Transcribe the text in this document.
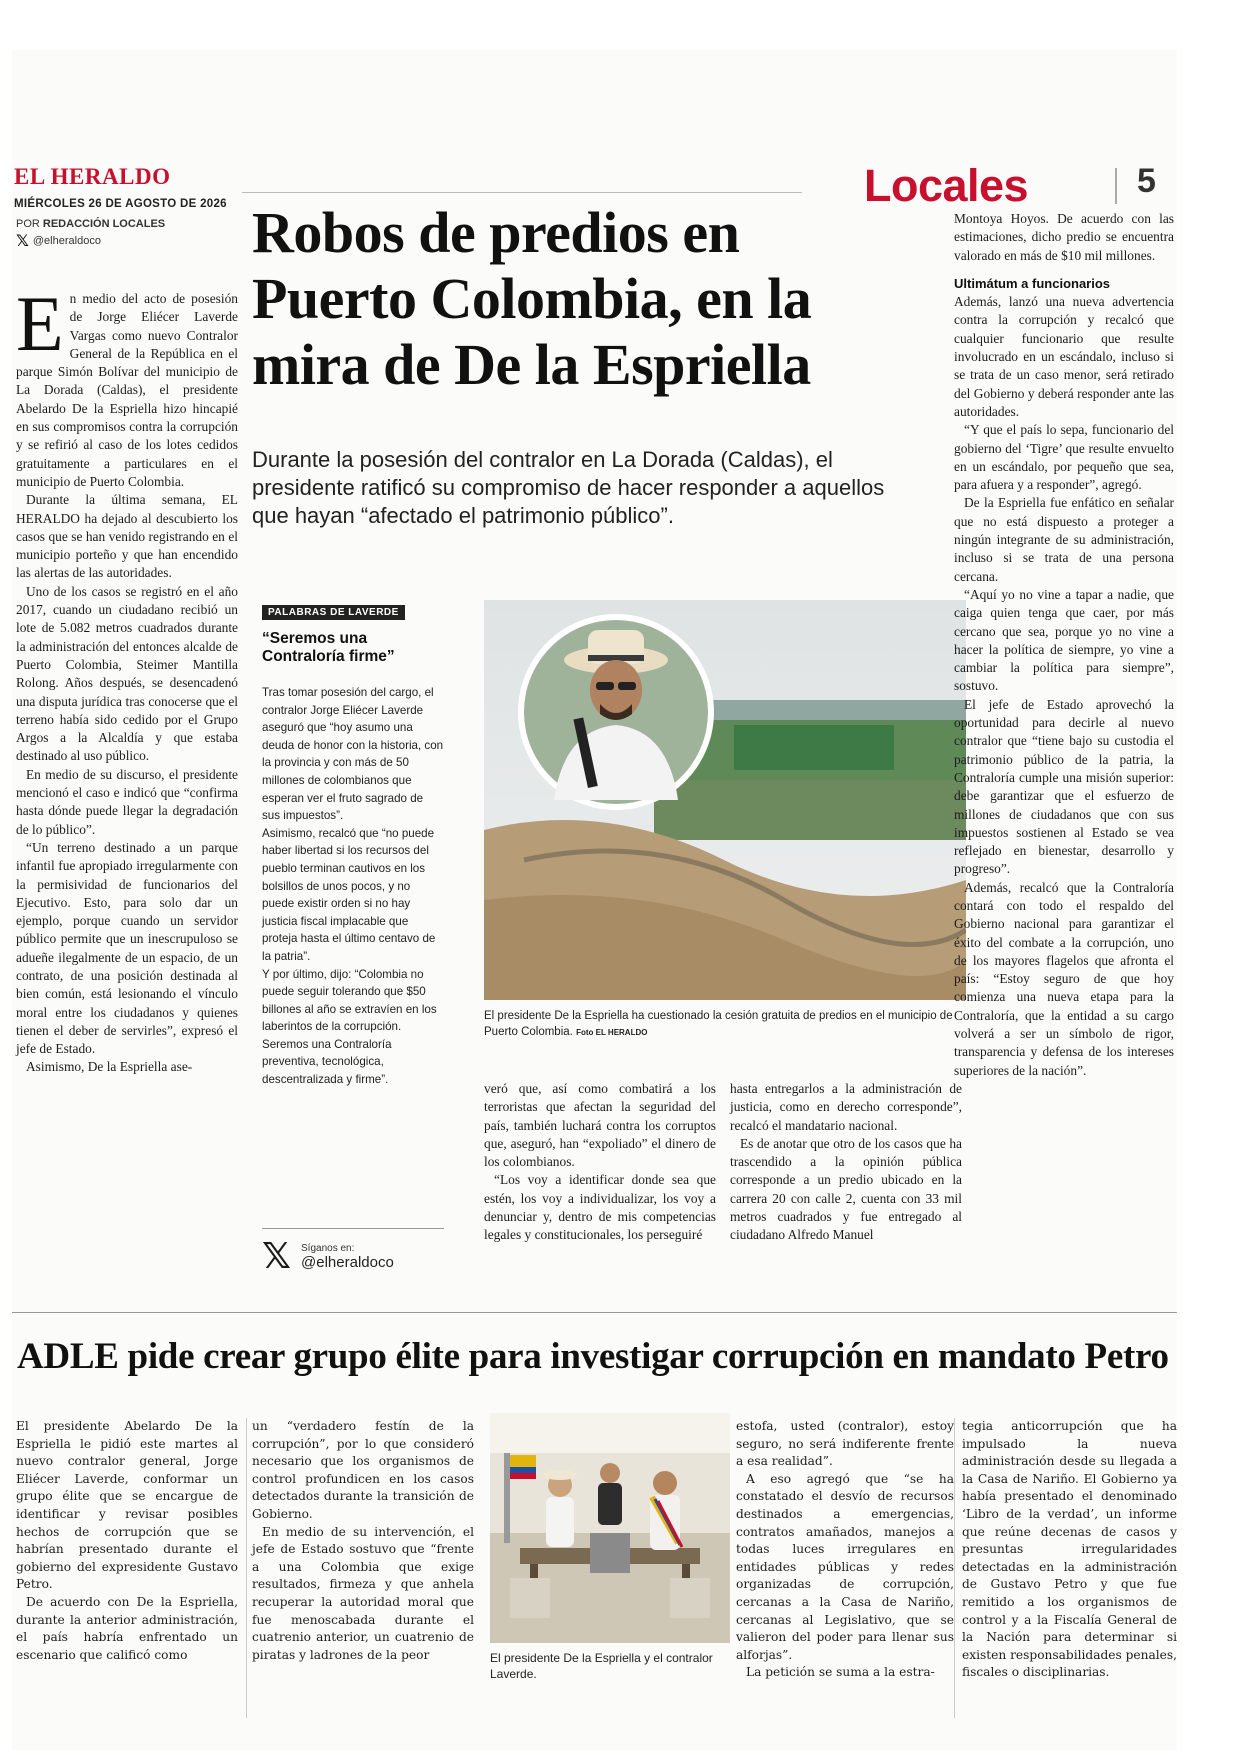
EL HERALDO
MIÉRCOLES 26 DE AGOSTO DE 2026	Locales	5
POR REDACCIÓN LOCALES
𝕏 @elheraldoco	Robos de predios en Puerto Colombia, en la mira de De la Espriella
Durante la posesión del contralor en La Dorada (Caldas), el presidente ratificó su compromiso de hacer responder a aquellos que hayan “afectado el patrimonio público”.

En medio del acto de posesión de Jorge Eliécer Laverde Vargas como nuevo Contralor General de la República en el parque Simón Bolívar del municipio de La Dorada (Caldas), el presidente Abelardo De la Espriella hizo hincapié en sus compromisos contra la corrupción y se refirió al caso de los lotes cedidos gratuitamente a particulares en el municipio de Puerto Colombia.

Durante la última semana, EL HERALDO ha dejado al descubierto los casos que se han venido registrando en el municipio porteño y que han encendido las alertas de las autoridades.

Uno de los casos se registró en el año 2017, cuando un ciudadano recibió un lote de 5.082 metros cuadrados durante la administración del entonces alcalde de Puerto Colombia, Steimer Mantilla Rolong. Años después, se desencadenó una disputa jurídica tras conocerse que el terreno había sido cedido por el Grupo Argos a la Alcaldía y que estaba destinado al uso público.

En medio de su discurso, el presidente mencionó el caso e indicó que “confirma hasta dónde puede llegar la degradación de lo público”.

“Un terreno destinado a un parque infantil fue apropiado irregularmente con la permisividad de funcionarios del Ejecutivo. Esto, para solo dar un ejemplo, porque cuando un servidor público permite que un inescrupuloso se adueñe ilegalmente de un espacio, de un contrato, de una posición destinada al bien común, está lesionando el vínculo moral entre los ciudadanos y quienes tienen el deber de servirles”, expresó el jefe de Estado.

Asimismo, De la Espriella ase-

PALABRAS DE LAVERDE
“Seremos una Contraloría firme”

Tras tomar posesión del cargo, el contralor Jorge Eliécer Laverde aseguró que “hoy asumo una deuda de honor con la historia, con la provincia y con más de 50 millones de colombianos que esperan ver el fruto sagrado de sus impuestos”.

Asimismo, recalcó que “no puede haber libertad si los recursos del pueblo terminan cautivos en los bolsillos de unos pocos, y no puede existir orden si no hay justicia fiscal implacable que proteja hasta el último centavo de la patria”.

Y por último, dijo: “Colombia no puede seguir tolerando que $50 billones al año se extravíen en los laberintos de la corrupción. Seremos una Contraloría preventiva, tecnológica, descentralizada y firme”.

𝕏 Síganos en:
@elheraldoco
El presidente De la Espriella ha cuestionado la cesión gratuita de predios en el municipio de Puerto Colombia. Foto EL HERALDO

veró que, así como combatirá a los terroristas que afectan la seguridad del país, también luchará contra los corruptos que, aseguró, han “expoliado” el dinero de los colombianos.

“Los voy a identificar donde sea que estén, los voy a individualizar, los voy a denunciar y, dentro de mis competencias legales y constitucionales, los perseguiré

hasta entregarlos a la administración de justicia, como en derecho corresponde”, recalcó el mandatario nacional.

Es de anotar que otro de los casos que ha trascendido a la opinión pública corresponde a un predio ubicado en la carrera 20 con calle 2, cuenta con 33 mil metros cuadrados y fue entregado al ciudadano Alfredo Manuel

Montoya Hoyos. De acuerdo con las estimaciones, dicho predio se encuentra valorado en más de $10 mil millones.

Ultimátum a funcionarios

Además, lanzó una nueva advertencia contra la corrupción y recalcó que cualquier funcionario que resulte involucrado en un escándalo, incluso si se trata de un caso menor, será retirado del Gobierno y deberá responder ante las autoridades.

“Y que el país lo sepa, funcionario del gobierno del ‘Tigre’ que resulte envuelto en un escándalo, por pequeño que sea, para afuera y a responder”, agregó.

De la Espriella fue enfático en señalar que no está dispuesto a proteger a ningún integrante de su administración, incluso si se trata de una persona cercana.

“Aquí yo no vine a tapar a nadie, que caiga quien tenga que caer, por más cercano que sea, porque yo no vine a hacer la política de siempre, yo vine a cambiar la política para siempre”, sostuvo.

El jefe de Estado aprovechó la oportunidad para decirle al nuevo contralor que “tiene bajo su custodia el patrimonio público de la patria, la Contraloría cumple una misión superior: debe garantizar que el esfuerzo de millones de ciudadanos que con sus impuestos sostienen al Estado se vea reflejado en bienestar, desarrollo y progreso”.

Además, recalcó que la Contraloría contará con todo el respaldo del Gobierno nacional para garantizar el éxito del combate a la corrupción, uno de los mayores flagelos que afronta el país: “Estoy seguro de que hoy comienza una nueva etapa para la Contraloría, que la entidad a su cargo volverá a ser un símbolo de rigor, transparencia y defensa de los intereses superiores de la nación”.

ADLE pide crear grupo élite para investigar corrupción en mandato Petro

El presidente Abelardo De la Espriella le pidió este martes al nuevo contralor general, Jorge Eliécer Laverde, conformar un grupo élite que se encargue de identificar y revisar posibles hechos de corrupción que se habrían presentado durante el gobierno del expresidente Gustavo Petro.

De acuerdo con De la Espriella, durante la anterior administración, el país habría enfrentado un escenario que calificó como

un “verdadero festín de la corrupción”, por lo que consideró necesario que los organismos de control profundicen en los casos detectados durante la transición de Gobierno.

En medio de su intervención, el jefe de Estado sostuvo que “frente a una Colombia que exige resultados, firmeza y que anhela recuperar la autoridad moral que fue menoscabada durante el cuatrenio anterior, un cuatrenio de piratas y ladrones de la peor	El presidente De la Espriella y el contralor Laverde.

estofa, usted (contralor), estoy seguro, no será indiferente frente a esa realidad”.

A eso agregó que “se ha constatado el desvío de recursos destinados a emergencias, contratos amañados, manejos a todas luces irregulares en entidades públicas y redes organizadas de corrupción, cercanas a la Casa de Nariño, cercanas al Legislativo, que se valieron del poder para llenar sus alforjas”.

La petición se suma a la estra-

tegia anticorrupción que ha impulsado la nueva administración desde su llegada a la Casa de Nariño. El Gobierno ya había presentado el denominado ‘Libro de la verdad’, un informe que reúne decenas de casos y presuntas irregularidades detectadas en la administración de Gustavo Petro y que fue remitido a los organismos de control y a la Fiscalía General de la Nación para determinar si existen responsabilidades penales, fiscales o disciplinarias.
